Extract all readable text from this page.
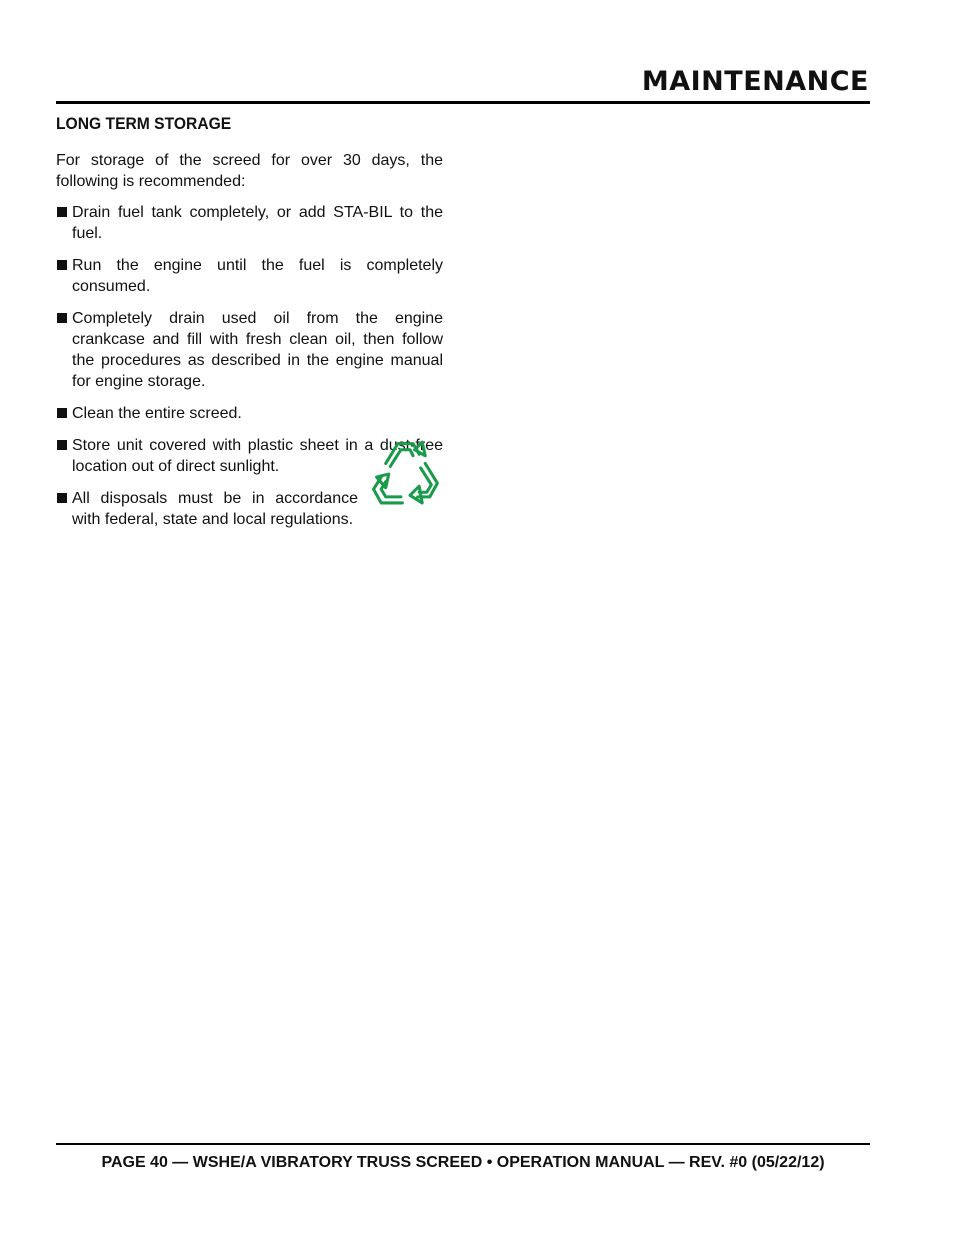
MAINTENANCE
LONG TERM STORAGE

For storage of the screed for over 30 days, the following is recommended:

Drain fuel tank completely, or add STA-BIL to the fuel.
Run the engine until the fuel is completely consumed.
Completely drain used oil from the engine crankcase and fill with fresh clean oil, then follow the procedures as described in the engine manual for engine storage.
Clean the entire screed.
Store unit covered with plastic sheet in a dust-free location out of direct sunlight.
All disposals must be in accordance with federal, state and local regulations.
PAGE 40 — WSHE/A VIBRATORY TRUSS SCREED • OPERATION MANUAL — REV. #0 (05/22/12)
